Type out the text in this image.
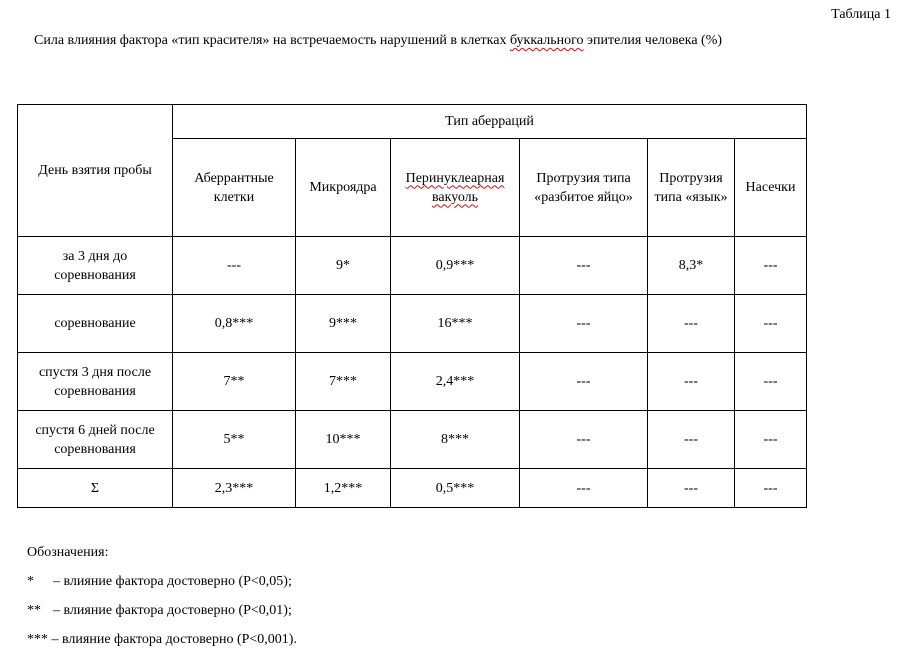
Таблица 1
Сила влияния фактора «тип красителя» на встречаемость нарушений в клетках буккального эпителия человека (%)
День взятия пробы	Тип аберраций					
	Аберрантные клетки	Микроядра	Перинуклеарная вакуоль	Протрузия типа «разбитое яйцо»	Протрузия типа «язык»	Насечки
за 3 дня до соревнования	---	9*	0,9***	---	8,3*	---
соревнование	0,8***	9***	16***	---	---	---
спустя 3 дня после соревнования	7**	7***	2,4***	---	---	---
спустя 6 дней после соревнования	5**	10***	8***	---	---	---
Σ	2,3***	1,2***	0,5***	---	---	---
Обозначения:
* – влияние фактора достоверно (P<0,05);
** – влияние фактора достоверно (P<0,01);
*** – влияние фактора достоверно (P<0,001).
